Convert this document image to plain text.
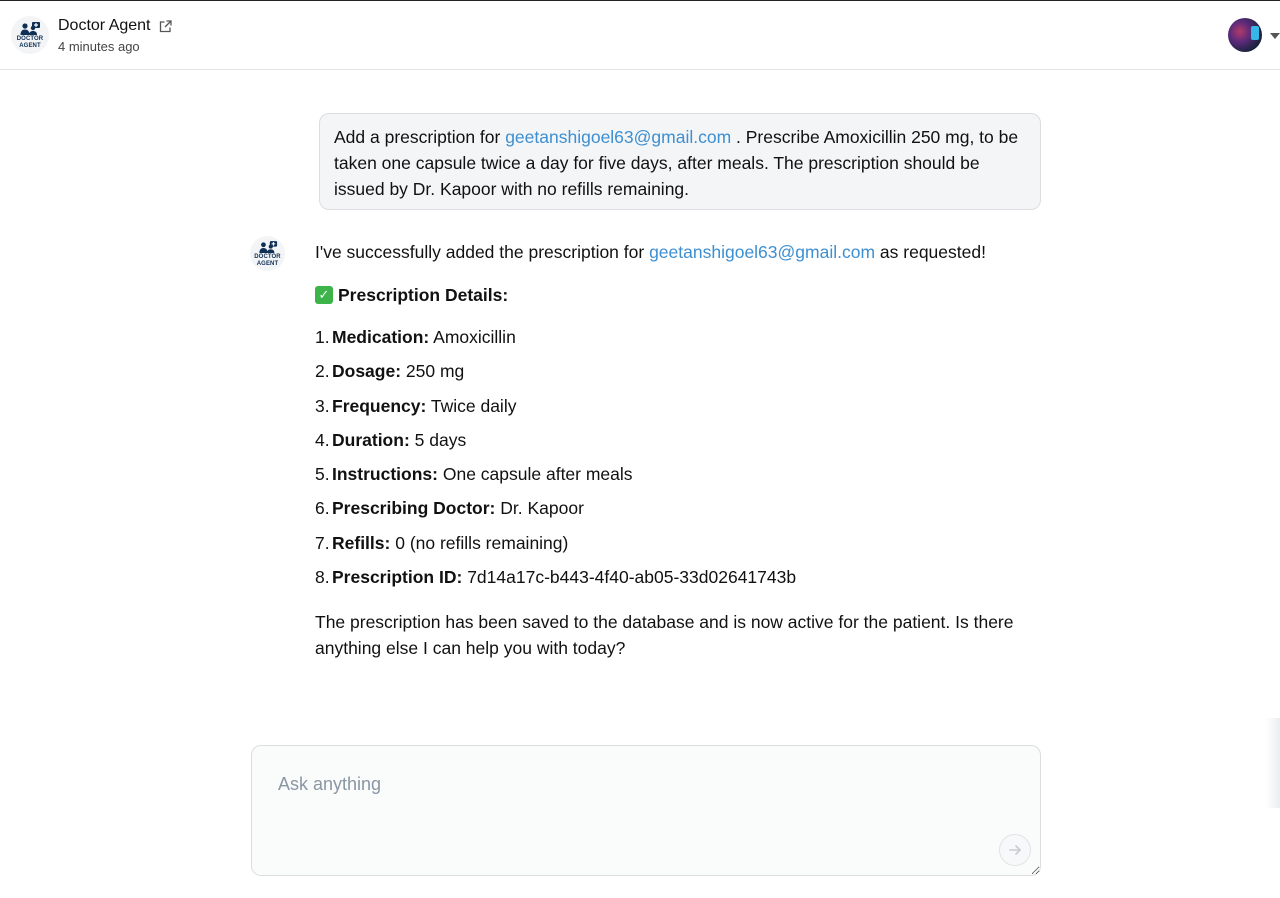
DOCTOR
AGENT
Doctor Agent
4 minutes ago
Add a prescription for geetanshigoel63@gmail.com . Prescribe Amoxicillin 250 mg, to be taken one capsule twice a day for five days, after meals. The prescription should be issued by Dr. Kapoor with no refills remaining.
DOCTOR
AGENT

I've successfully added the prescription for geetanshigoel63@gmail.com as requested!

✓ Prescription Details:
1. Medication: Amoxicillin
2. Dosage: 250 mg
3. Frequency: Twice daily
4. Duration: 5 days
5. Instructions: One capsule after meals
6. Prescribing Doctor: Dr. Kapoor
7. Refills: 0 (no refills remaining)
8. Prescription ID: 7d14a17c-b443-4f40-ab05-33d02641743b

The prescription has been saved to the database and is now active for the patient. Is there anything else I can help you with today?

Ask anything
